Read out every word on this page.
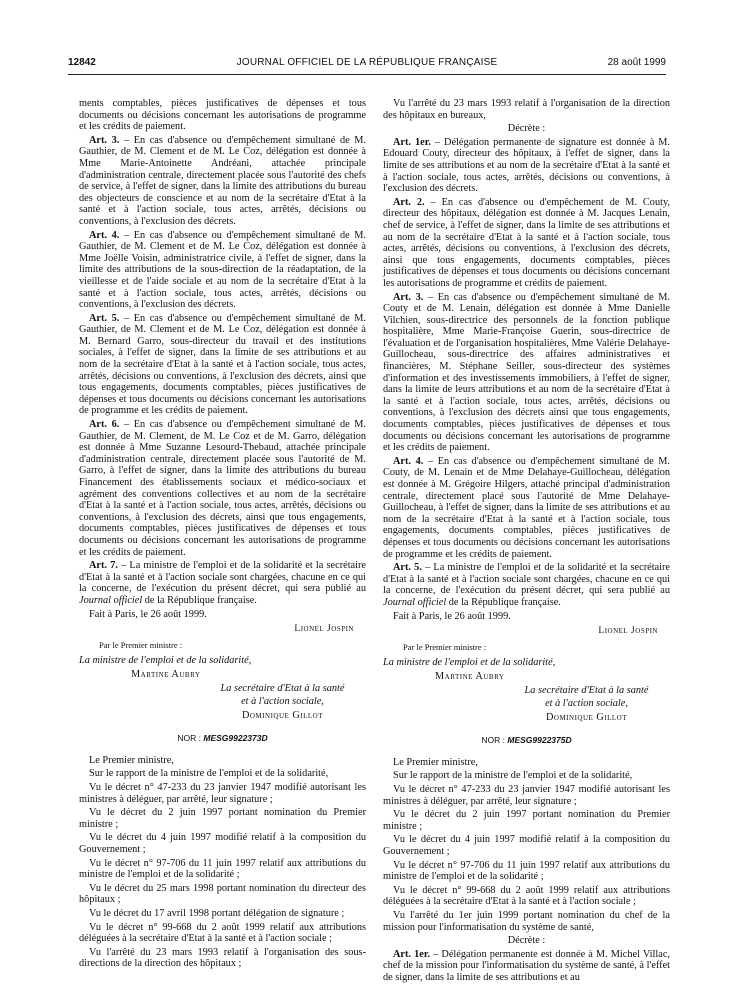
12842	JOURNAL OFFICIEL DE LA RÉPUBLIQUE FRANÇAISE	28 août 1999

ments comptables, pièces justificatives de dépenses et tous documents ou décisions concernant les autorisations de programme et les crédits de paiement.

Art. 3. – En cas d'absence ou d'empêchement simultané de M. Gauthier, de M. Clement et de M. Le Coz, délégation est donnée à Mme Marie-Antoinette Andréani, attachée principale d'administration centrale, directement placée sous l'autorité des chefs de service, à l'effet de signer, dans la limite des attributions du bureau des objecteurs de conscience et au nom de la secrétaire d'Etat à la santé et à l'action sociale, tous actes, arrêtés, décisions ou conventions, à l'exclusion des décrets.

Art. 4. – En cas d'absence ou d'empêchement simultané de M. Gauthier, de M. Clement et de M. Le Coz, délégation est donnée à Mme Joëlle Voisin, administratrice civile, à l'effet de signer, dans la limite des attributions de la sous-direction de la réadaptation, de la vieillesse et de l'aide sociale et au nom de la secrétaire d'Etat à la santé et à l'action sociale, tous actes, arrêtés, décisions ou conventions, à l'exclusion des décrets.

Art. 5. – En cas d'absence ou d'empêchement simultané de M. Gauthier, de M. Clement et de M. Le Coz, délégation est donnée à M. Bernard Garro, sous-directeur du travail et des institutions sociales, à l'effet de signer, dans la limite de ses attributions et au nom de la secrétaire d'Etat à la santé et à l'action sociale, tous actes, arrêtés, décisions ou conventions, à l'exclusion des décrets, ainsi que tous engagements, documents comptables, pièces justificatives de dépenses et tous documents ou décisions concernant les autorisations de programme et les crédits de paiement.

Art. 6. – En cas d'absence ou d'empêchement simultané de M. Gauthier, de M. Clement, de M. Le Coz et de M. Garro, délégation est donnée à Mme Suzanne Lesourd-Thebaud, attachée principale d'administration centrale, directement placée sous l'autorité de M. Garro, à l'effet de signer, dans la limite des attributions du bureau Financement des établissements sociaux et médico-sociaux et agrément des conventions collectives et au nom de la secrétaire d'Etat à la santé et à l'action sociale, tous actes, arrêtés, décisions ou conventions, à l'exclusion des décrets, ainsi que tous engagements, documents comptables, pièces justificatives de dépenses et tous documents ou décisions concernant les autorisations de programme et les crédits de paiement.

Art. 7. – La ministre de l'emploi et de la solidarité et la secrétaire d'Etat à la santé et à l'action sociale sont chargées, chacune en ce qui la concerne, de l'exécution du présent décret, qui sera publié au Journal officiel de la République française.

Fait à Paris, le 26 août 1999.

Lionel Jospin

Par le Premier ministre :

La ministre de l'emploi et de la solidarité,

Martine Aubry

La secrétaire d'Etat à la santé

et à l'action sociale,

Dominique Gillot

NOR : MESG9922373D

Le Premier ministre,

Sur le rapport de la ministre de l'emploi et de la solidarité,

Vu le décret n° 47-233 du 23 janvier 1947 modifié autorisant les ministres à déléguer, par arrêté, leur signature ;

Vu le décret du 2 juin 1997 portant nomination du Premier ministre ;

Vu le décret du 4 juin 1997 modifié relatif à la composition du Gouvernement ;

Vu le décret n° 97-706 du 11 juin 1997 relatif aux attributions du ministre de l'emploi et de la solidarité ;

Vu le décret du 25 mars 1998 portant nomination du directeur des hôpitaux ;

Vu le décret du 17 avril 1998 portant délégation de signature ;

Vu le décret n° 99-668 du 2 août 1999 relatif aux attributions déléguées à la secrétaire d'Etat à la santé et à l'action sociale ;

Vu l'arrêté du 23 mars 1993 relatif à l'organisation des sous-directions de la direction des hôpitaux ;

Vu l'arrêté du 23 mars 1993 relatif à l'organisation de la direction des hôpitaux en bureaux,

Décrète :

Art. 1er. – Délégation permanente de signature est donnée à M. Edouard Couty, directeur des hôpitaux, à l'effet de signer, dans la limite de ses attributions et au nom de la secrétaire d'Etat à la santé et à l'action sociale, tous actes, arrêtés, décisions ou conventions, à l'exclusion des décrets.

Art. 2. – En cas d'absence ou d'empêchement de M. Couty, directeur des hôpitaux, délégation est donnée à M. Jacques Lenain, chef de service, à l'effet de signer, dans la limite de ses attributions et au nom de la secrétaire d'Etat à la santé et à l'action sociale, tous actes, arrêtés, décisions ou conventions, à l'exclusion des décrets, ainsi que tous engagements, documents comptables, pièces justificatives de dépenses et tous documents ou décisions concernant les autorisations de programme et crédits de paiement.

Art. 3. – En cas d'absence ou d'empêchement simultané de M. Couty et de M. Lenain, délégation est donnée à Mme Danielle Vilchien, sous-directrice des personnels de la fonction publique hospitalière, Mme Marie-Françoise Guerin, sous-directrice de l'évaluation et de l'organisation hospitalières, Mme Valérie Delahaye-Guillocheau, sous-directrice des affaires administratives et financières, M. Stéphane Seiller, sous-directeur des systèmes d'information et des investissements immobiliers, à l'effet de signer, dans la limite de leurs attributions et au nom de la secrétaire d'Etat à la santé et à l'action sociale, tous actes, arrêtés, décisions ou conventions, à l'exclusion des décrets ainsi que tous engagements, documents comptables, pièces justificatives de dépenses et tous documents ou décisions concernant les autorisations de programme et les crédits de paiement.

Art. 4. – En cas d'absence ou d'empêchement simultané de M. Couty, de M. Lenain et de Mme Delahaye-Guillocheau, délégation est donnée à M. Grégoire Hilgers, attaché principal d'administration centrale, directement placé sous l'autorité de Mme Delahaye-Guillocheau, à l'effet de signer, dans la limite de ses attributions et au nom de la secrétaire d'Etat à la santé et à l'action sociale, tous engagements, documents comptables, pièces justificatives de dépenses et tous documents ou décisions concernant les autorisations de programme et les crédits de paiement.

Art. 5. – La ministre de l'emploi et de la solidarité et la secrétaire d'Etat à la santé et à l'action sociale sont chargées, chacune en ce qui la concerne, de l'exécution du présent décret, qui sera publié au Journal officiel de la République française.

Fait à Paris, le 26 août 1999.

Lionel Jospin

Par le Premier ministre :

La ministre de l'emploi et de la solidarité,

Martine Aubry

La secrétaire d'Etat à la santé

et à l'action sociale,

Dominique Gillot

NOR : MESG9922375D

Le Premier ministre,

Sur le rapport de la ministre de l'emploi et de la solidarité,

Vu le décret n° 47-233 du 23 janvier 1947 modifié autorisant les ministres à déléguer, par arrêté, leur signature ;

Vu le décret du 2 juin 1997 portant nomination du Premier ministre ;

Vu le décret du 4 juin 1997 modifié relatif à la composition du Gouvernement ;

Vu le décret n° 97-706 du 11 juin 1997 relatif aux attributions du ministre de l'emploi et de la solidarité ;

Vu le décret n° 99-668 du 2 août 1999 relatif aux attributions déléguées à la secrétaire d'Etat à la santé et à l'action sociale ;

Vu l'arrêté du 1er juin 1999 portant nomination du chef de la mission pour l'informatisation du système de santé,

Décrète :

Art. 1er. – Délégation permanente est donnée à M. Michel Villac, chef de la mission pour l'informatisation du système de santé, à l'effet de signer, dans la limite de ses attributions et au
